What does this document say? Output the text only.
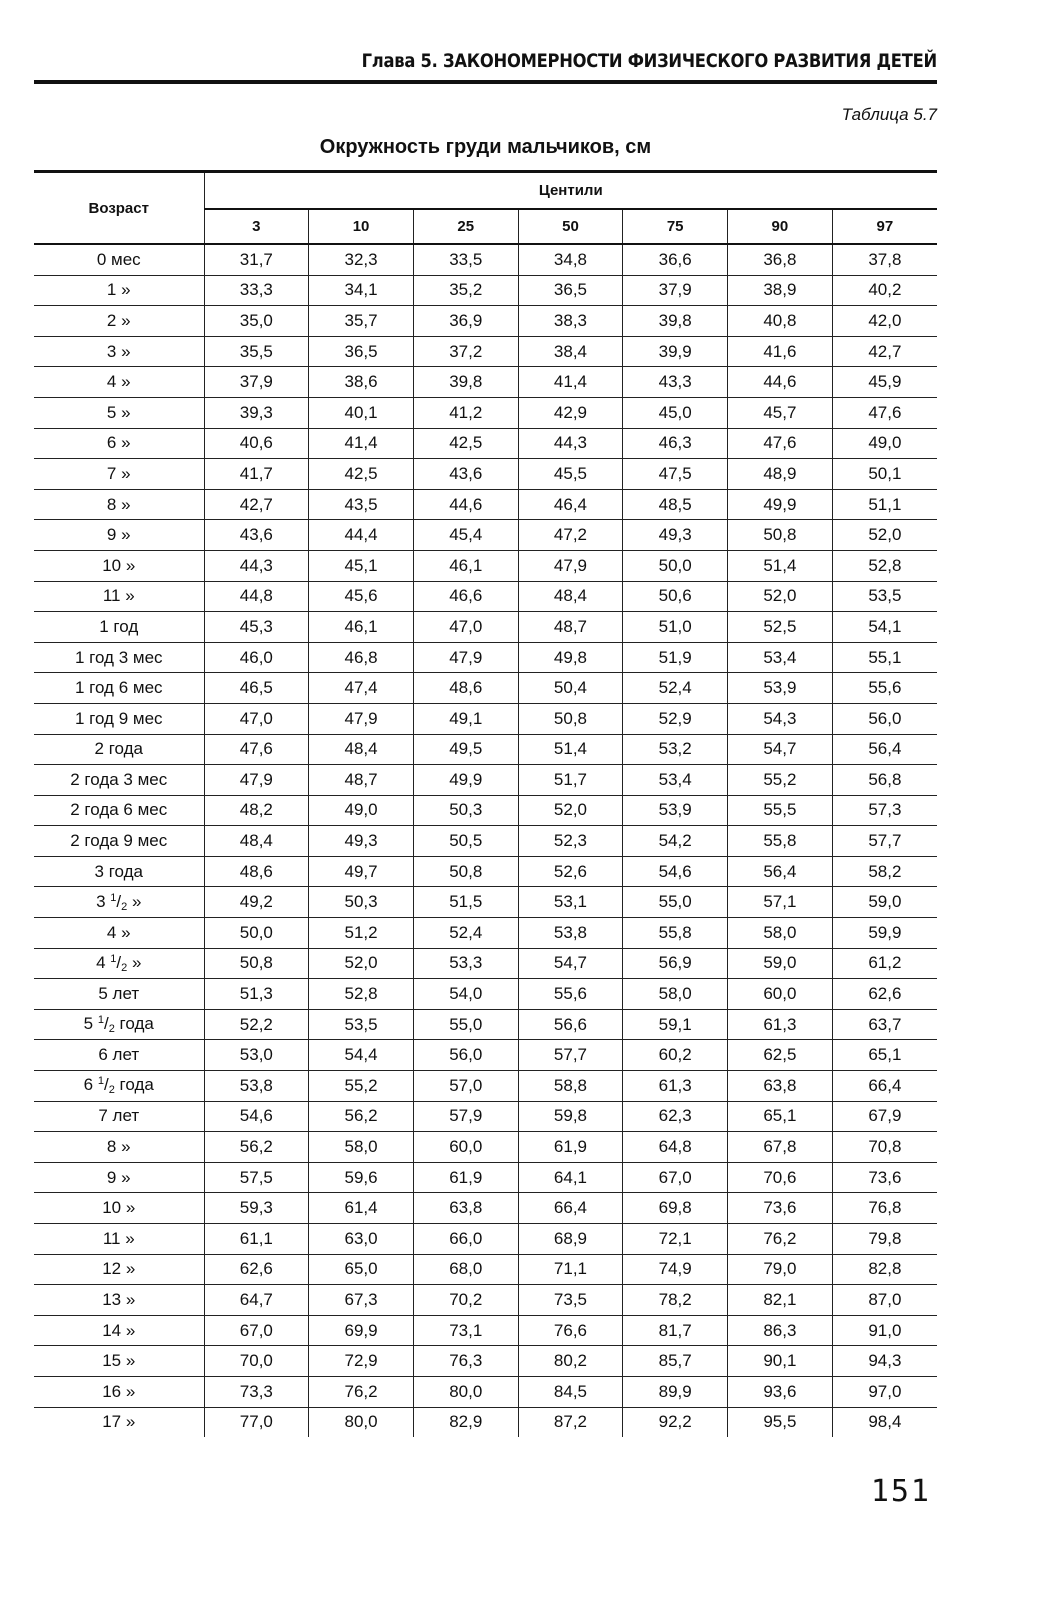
Глава 5. ЗАКОНОМЕРНОСТИ ФИЗИЧЕСКОГО РАЗВИТИЯ ДЕТЕЙ
Таблица 5.7
Окружность груди мальчиков, см
Возраст	Центили						
	3	10	25	50	75	90	97
0 мес	31,7	32,3	33,5	34,8	36,6	36,8	37,8
1 »	33,3	34,1	35,2	36,5	37,9	38,9	40,2
2 »	35,0	35,7	36,9	38,3	39,8	40,8	42,0
3 »	35,5	36,5	37,2	38,4	39,9	41,6	42,7
4 »	37,9	38,6	39,8	41,4	43,3	44,6	45,9
5 »	39,3	40,1	41,2	42,9	45,0	45,7	47,6
6 »	40,6	41,4	42,5	44,3	46,3	47,6	49,0
7 »	41,7	42,5	43,6	45,5	47,5	48,9	50,1
8 »	42,7	43,5	44,6	46,4	48,5	49,9	51,1
9 »	43,6	44,4	45,4	47,2	49,3	50,8	52,0
10 »	44,3	45,1	46,1	47,9	50,0	51,4	52,8
11 »	44,8	45,6	46,6	48,4	50,6	52,0	53,5
1 год	45,3	46,1	47,0	48,7	51,0	52,5	54,1
1 год 3 мес	46,0	46,8	47,9	49,8	51,9	53,4	55,1
1 год 6 мес	46,5	47,4	48,6	50,4	52,4	53,9	55,6
1 год 9 мес	47,0	47,9	49,1	50,8	52,9	54,3	56,0
2 года	47,6	48,4	49,5	51,4	53,2	54,7	56,4
2 года 3 мес	47,9	48,7	49,9	51,7	53,4	55,2	56,8
2 года 6 мес	48,2	49,0	50,3	52,0	53,9	55,5	57,3
2 года 9 мес	48,4	49,3	50,5	52,3	54,2	55,8	57,7
3 года	48,6	49,7	50,8	52,6	54,6	56,4	58,2
3 $^1/_2$ »	49,2	50,3	51,5	53,1	55,0	57,1	59,0
4 »	50,0	51,2	52,4	53,8	55,8	58,0	59,9
4 $^1/_2$ »	50,8	52,0	53,3	54,7	56,9	59,0	61,2
5 лет	51,3	52,8	54,0	55,6	58,0	60,0	62,6
5 $^1/_2$ года	52,2	53,5	55,0	56,6	59,1	61,3	63,7
6 лет	53,0	54,4	56,0	57,7	60,2	62,5	65,1
6 $^1/_2$ года	53,8	55,2	57,0	58,8	61,3	63,8	66,4
7 лет	54,6	56,2	57,9	59,8	62,3	65,1	67,9
8 »	56,2	58,0	60,0	61,9	64,8	67,8	70,8
9 »	57,5	59,6	61,9	64,1	67,0	70,6	73,6
10 »	59,3	61,4	63,8	66,4	69,8	73,6	76,8
11 »	61,1	63,0	66,0	68,9	72,1	76,2	79,8
12 »	62,6	65,0	68,0	71,1	74,9	79,0	82,8
13 »	64,7	67,3	70,2	73,5	78,2	82,1	87,0
14 »	67,0	69,9	73,1	76,6	81,7	86,3	91,0
15 »	70,0	72,9	76,3	80,2	85,7	90,1	94,3
16 »	73,3	76,2	80,0	84,5	89,9	93,6	97,0
17 »	77,0	80,0	82,9	87,2	92,2	95,5	98,4
151
